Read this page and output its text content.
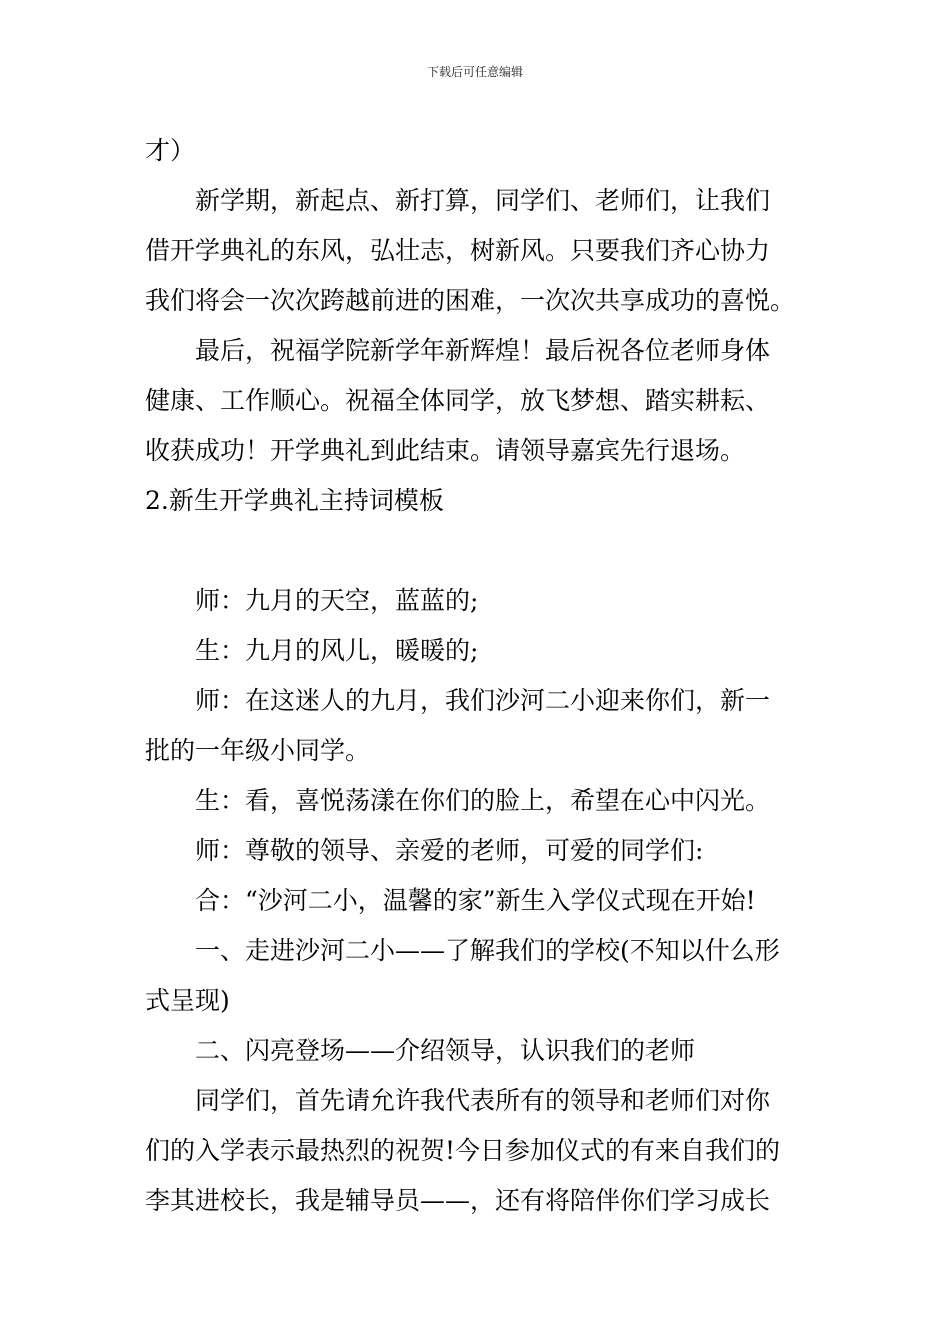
下载后可任意编辑
才）
新学期，新起点、新打算，同学们、老师们，让我们
借开学典礼的东风，弘壮志，树新风。只要我们齐心协力
我们将会一次次跨越前进的困难，一次次共享成功的喜悦。
最后，祝福学院新学年新辉煌！最后祝各位老师身体
健康、工作顺心。祝福全体同学，放飞梦想、踏实耕耘、
收获成功！开学典礼到此结束。请领导嘉宾先行退场。
2.新生开学典礼主持词模板
师：九月的天空，蓝蓝的;
生：九月的风儿，暖暖的;
师：在这迷人的九月，我们沙河二小迎来你们，新一
批的一年级小同学。
生：看，喜悦荡漾在你们的脸上，希望在心中闪光。
师：尊敬的领导、亲爱的老师，可爱的同学们:
合：“沙河二小，温馨的家”新生入学仪式现在开始!
一、走进沙河二小——了解我们的学校(不知以什么形
式呈现)
二、闪亮登场——介绍领导，认识我们的老师
同学们，首先请允许我代表所有的领导和老师们对你
们的入学表示最热烈的祝贺!今日参加仪式的有来自我们的
李其进校长，我是辅导员——，还有将陪伴你们学习成长
